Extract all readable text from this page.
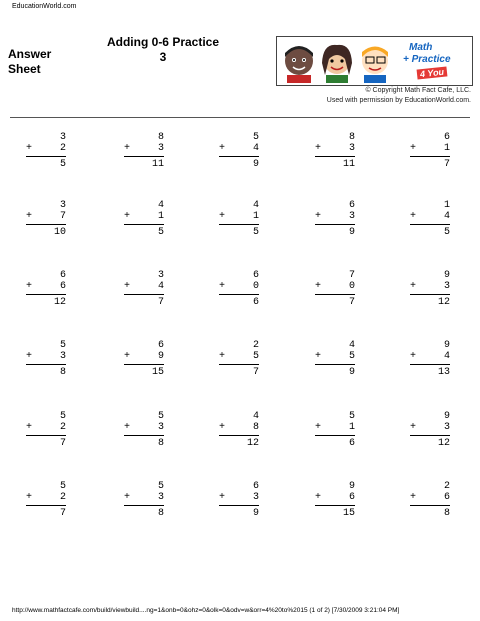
EducationWorld.com
Answer Sheet
Adding 0-6 Practice
3
Math
+ Practice
4 You
© Copyright Math Fact Cafe, LLC.
Used with permission by EducationWorld.com.
3
+	2
5
8
+	3
11
5
+	4
9
8
+	3
11
6
+	1
7
3
+	7
10
4
+	1
5
4
+	1
5
6
+	3
9
1
+	4
5
6
+	6
12
3
+	4
7
6
+	0
6
7
+	0
7
9
+	3
12
5
+	3
8
6
+	9
15
2
+	5
7
4
+	5
9
9
+	4
13
5
+	2
7
5
+	3
8
4
+	8
12
5
+	1
6
9
+	3
12
5
+	2
7
5
+	3
8
6
+	3
9
9
+	6
15
2
+	6
8
http://www.mathfactcafe.com/build/viewbuild....ng=1&onb=0&ohz=0&olk=0&odv=w&orr=4%20to%2015 (1 of 2) [7/30/2009 3:21:04 PM]
